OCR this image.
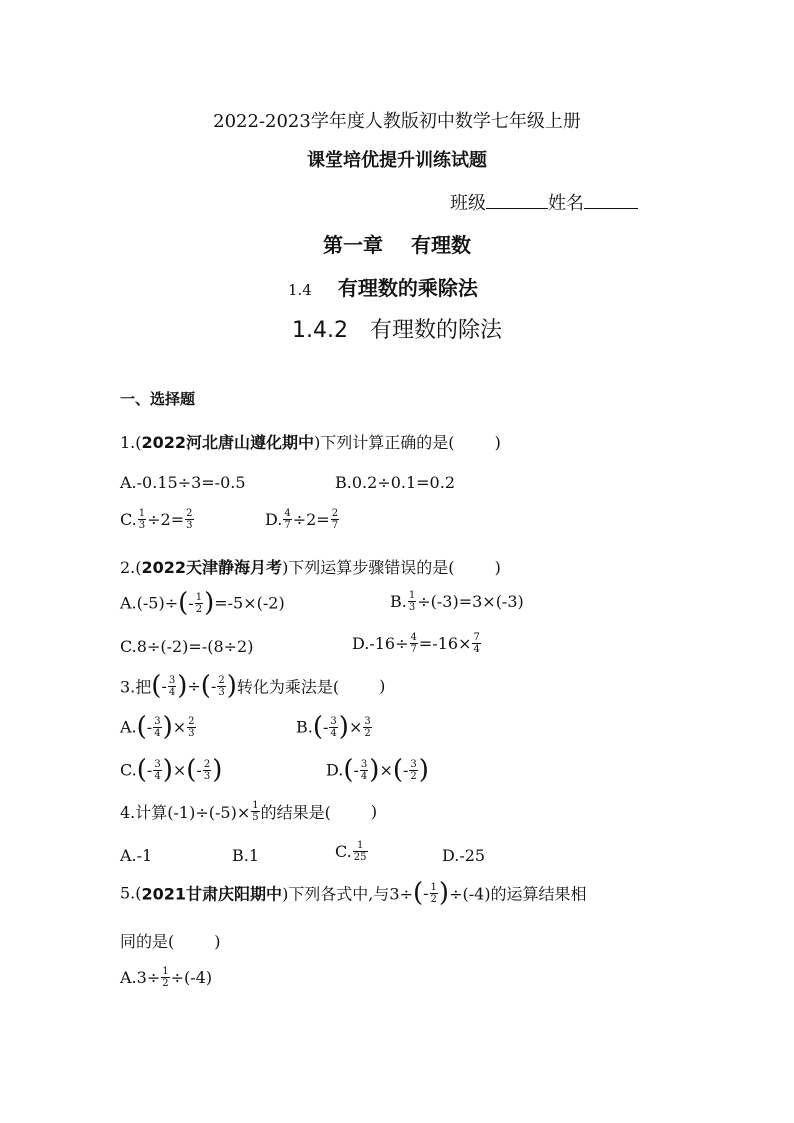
2022-2023学年度人教版初中数学七年级上册
课堂培优提升训练试题
班级	姓名
第一章 有理数
1.4 有理数的乘除法
1.4.2 有理数的除法
一、选择题
1.(2022河北唐山遵化期中)下列计算正确的是(	)
A.-0.15÷3=-0.5	B.0.2÷0.1=0.2
C. $\frac{1}{3} \div 2= \frac{2}{3}$	D. $\frac{4}{7} \div 2= \frac{2}{7}$
2.(2022天津静海月考)下列运算步骤错误的是(	)
$A.(-5)\div(- \frac{1}{2} )=-5\times(-2)$	B. $\frac{1}{3} \div(-3)=3\times(-3)$
C.8÷(-2)=-(8÷2)	$D.-16\div \frac{4}{7} =-16\times \frac{7}{4}$
3.把(- $\frac{3}{4}$ )÷(- $\frac{2}{3}$ )转化为乘法是(	)
$A.(- \frac{3}{4}$ )× $\frac{2}{3}$	$B.(- \frac{3}{4}$ )× $\frac{3}{2}$
$C.(- \frac{3}{4}$ )×(- $\frac{2}{3}$ )	$D.(- \frac{3}{4}$ )×(- $\frac{3}{2}$ )
4.计算$(-1)\div(-5)\times \frac{1}{5}$ 的结果是(	)
A.-1	B.1	C. $\frac{1}{25}$	D.-25
5.(2021甘肃庆阳期中)下列各式中,与$3\div(- \frac{1}{2} )\div(-4)$的运算结果相
同的是(	)
$A.3\div \frac{1}{2} \div(-4)$
